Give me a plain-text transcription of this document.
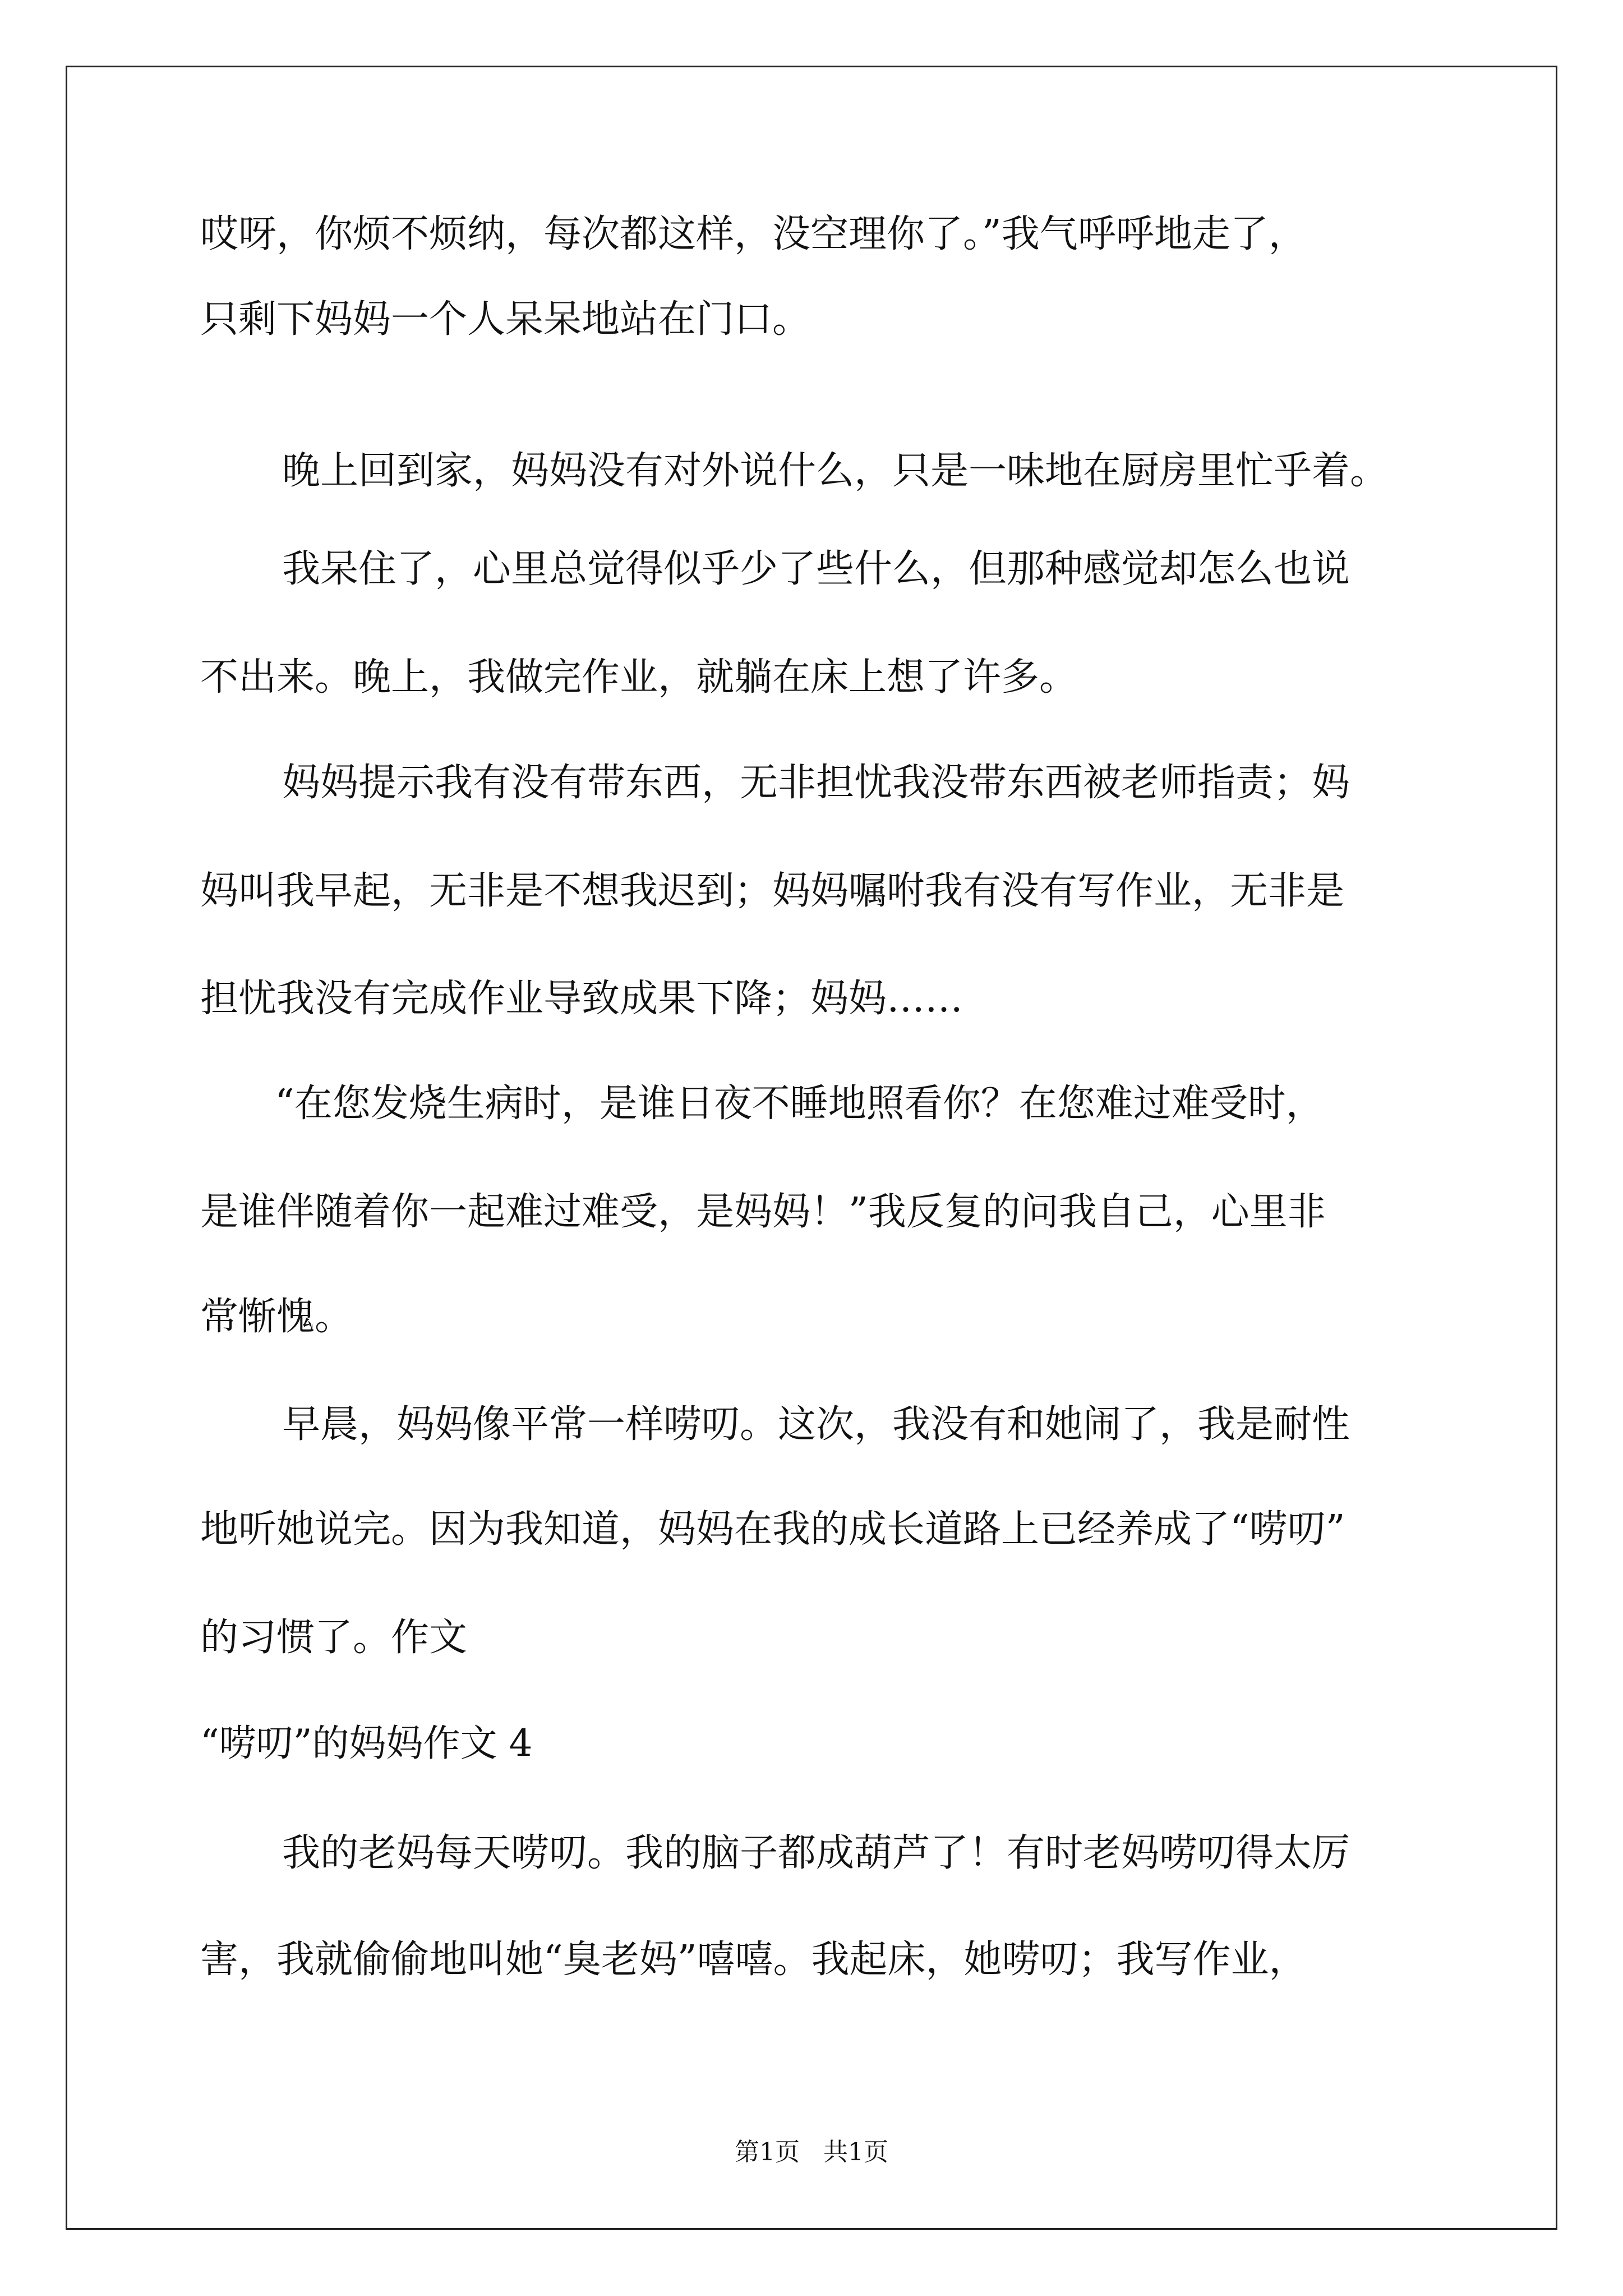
哎呀，你烦不烦纳，每次都这样，没空理你了。”我气呼呼地走了，
只剩下妈妈一个人呆呆地站在门口。
晚上回到家，妈妈没有对外说什么，只是一味地在厨房里忙乎着。
我呆住了，心里总觉得似乎少了些什么，但那种感觉却怎么也说
不出来。晚上，我做完作业，就躺在床上想了许多。
妈妈提示我有没有带东西，无非担忧我没带东西被老师指责；妈
妈叫我早起，无非是不想我迟到；妈妈嘱咐我有没有写作业，无非是
担忧我没有完成作业导致成果下降；妈妈……
“在您发烧生病时，是谁日夜不睡地照看你？在您难过难受时，
是谁伴随着你一起难过难受，是妈妈！”我反复的问我自己，心里非
常惭愧。
早晨，妈妈像平常一样唠叨。这次，我没有和她闹了，我是耐性
地听她说完。因为我知道，妈妈在我的成长道路上已经养成了“唠叨”
的习惯了。作文
“唠叨”的妈妈作文 4
我的老妈每天唠叨。我的脑子都成葫芦了！有时老妈唠叨得太厉
害，我就偷偷地叫她“臭老妈”嘻嘻。我起床，她唠叨；我写作业，
第1页   共1页
